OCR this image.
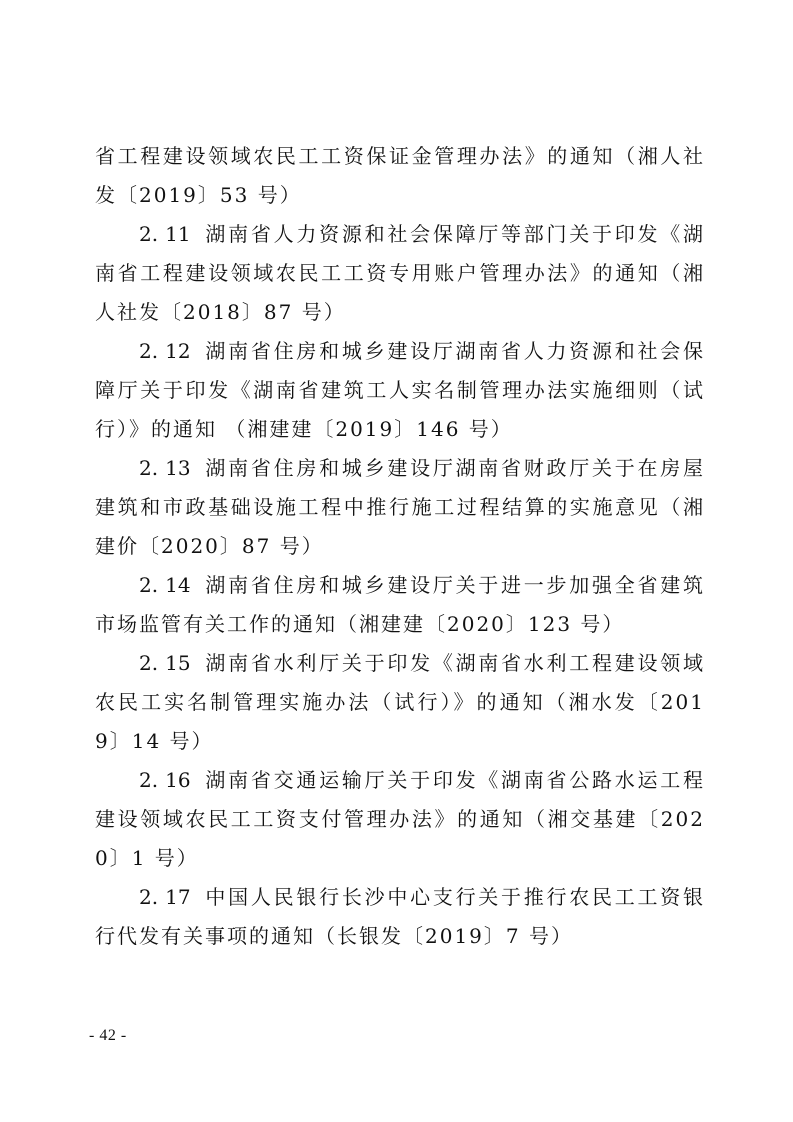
省工程建设领域农民工工资保证金管理办法》的通知（湘人社发〔2019〕53 号）

2. 11 湖南省人力资源和社会保障厅等部门关于印发《湖南省工程建设领域农民工工资专用账户管理办法》的通知（湘人社发〔2018〕87 号）

2. 12 湖南省住房和城乡建设厅湖南省人力资源和社会保障厅关于印发《湖南省建筑工人实名制管理办法实施细则（试行）》的通知 （湘建建〔2019〕146 号）

2. 13 湖南省住房和城乡建设厅湖南省财政厅关于在房屋建筑和市政基础设施工程中推行施工过程结算的实施意见（湘建价〔2020〕87 号）

2. 14 湖南省住房和城乡建设厅关于进一步加强全省建筑市场监管有关工作的通知（湘建建〔2020〕123 号）

2. 15 湖南省水利厅关于印发《湖南省水利工程建设领域农民工实名制管理实施办法（试行）》的通知（湘水发〔2019〕14 号）

2. 16 湖南省交通运输厅关于印发《湖南省公路水运工程建设领域农民工工资支付管理办法》的通知（湘交基建〔2020〕1 号）

2. 17 中国人民银行长沙中心支行关于推行农民工工资银行代发有关事项的通知（长银发〔2019〕7 号）

- 42 -
